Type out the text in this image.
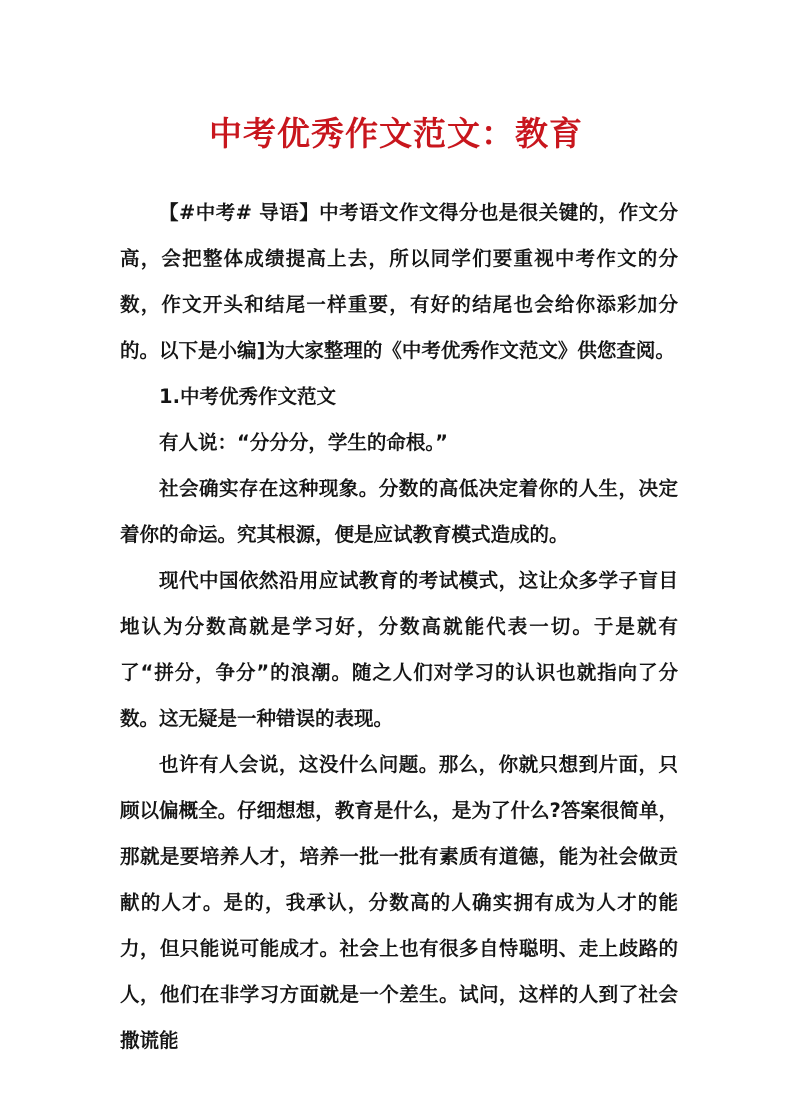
中考优秀作文范文：教育

【#中考# 导语】中考语文作文得分也是很关键的，作文分高，会把整体成绩提高上去，所以同学们要重视中考作文的分数，作文开头和结尾一样重要，有好的结尾也会给你添彩加分的。以下是小编]为大家整理的《中考优秀作文范文》供您查阅。

1.中考优秀作文范文

有人说：“分分分，学生的命根。”

社会确实存在这种现象。分数的高低决定着你的人生，决定着你的命运。究其根源，便是应试教育模式造成的。

现代中国依然沿用应试教育的考试模式，这让众多学子盲目地认为分数高就是学习好，分数高就能代表一切。于是就有了“拼分，争分”的浪潮。随之人们对学习的认识也就指向了分数。这无疑是一种错误的表现。

也许有人会说，这没什么问题。那么，你就只想到片面，只顾以偏概全。仔细想想，教育是什么，是为了什么?答案很简单，那就是要培养人才，培养一批一批有素质有道德，能为社会做贡献的人才。是的，我承认，分数高的人确实拥有成为人才的能力，但只能说可能成才。社会上也有很多自恃聪明、走上歧路的人，他们在非学习方面就是一个差生。试问，这样的人到了社会撒谎能
